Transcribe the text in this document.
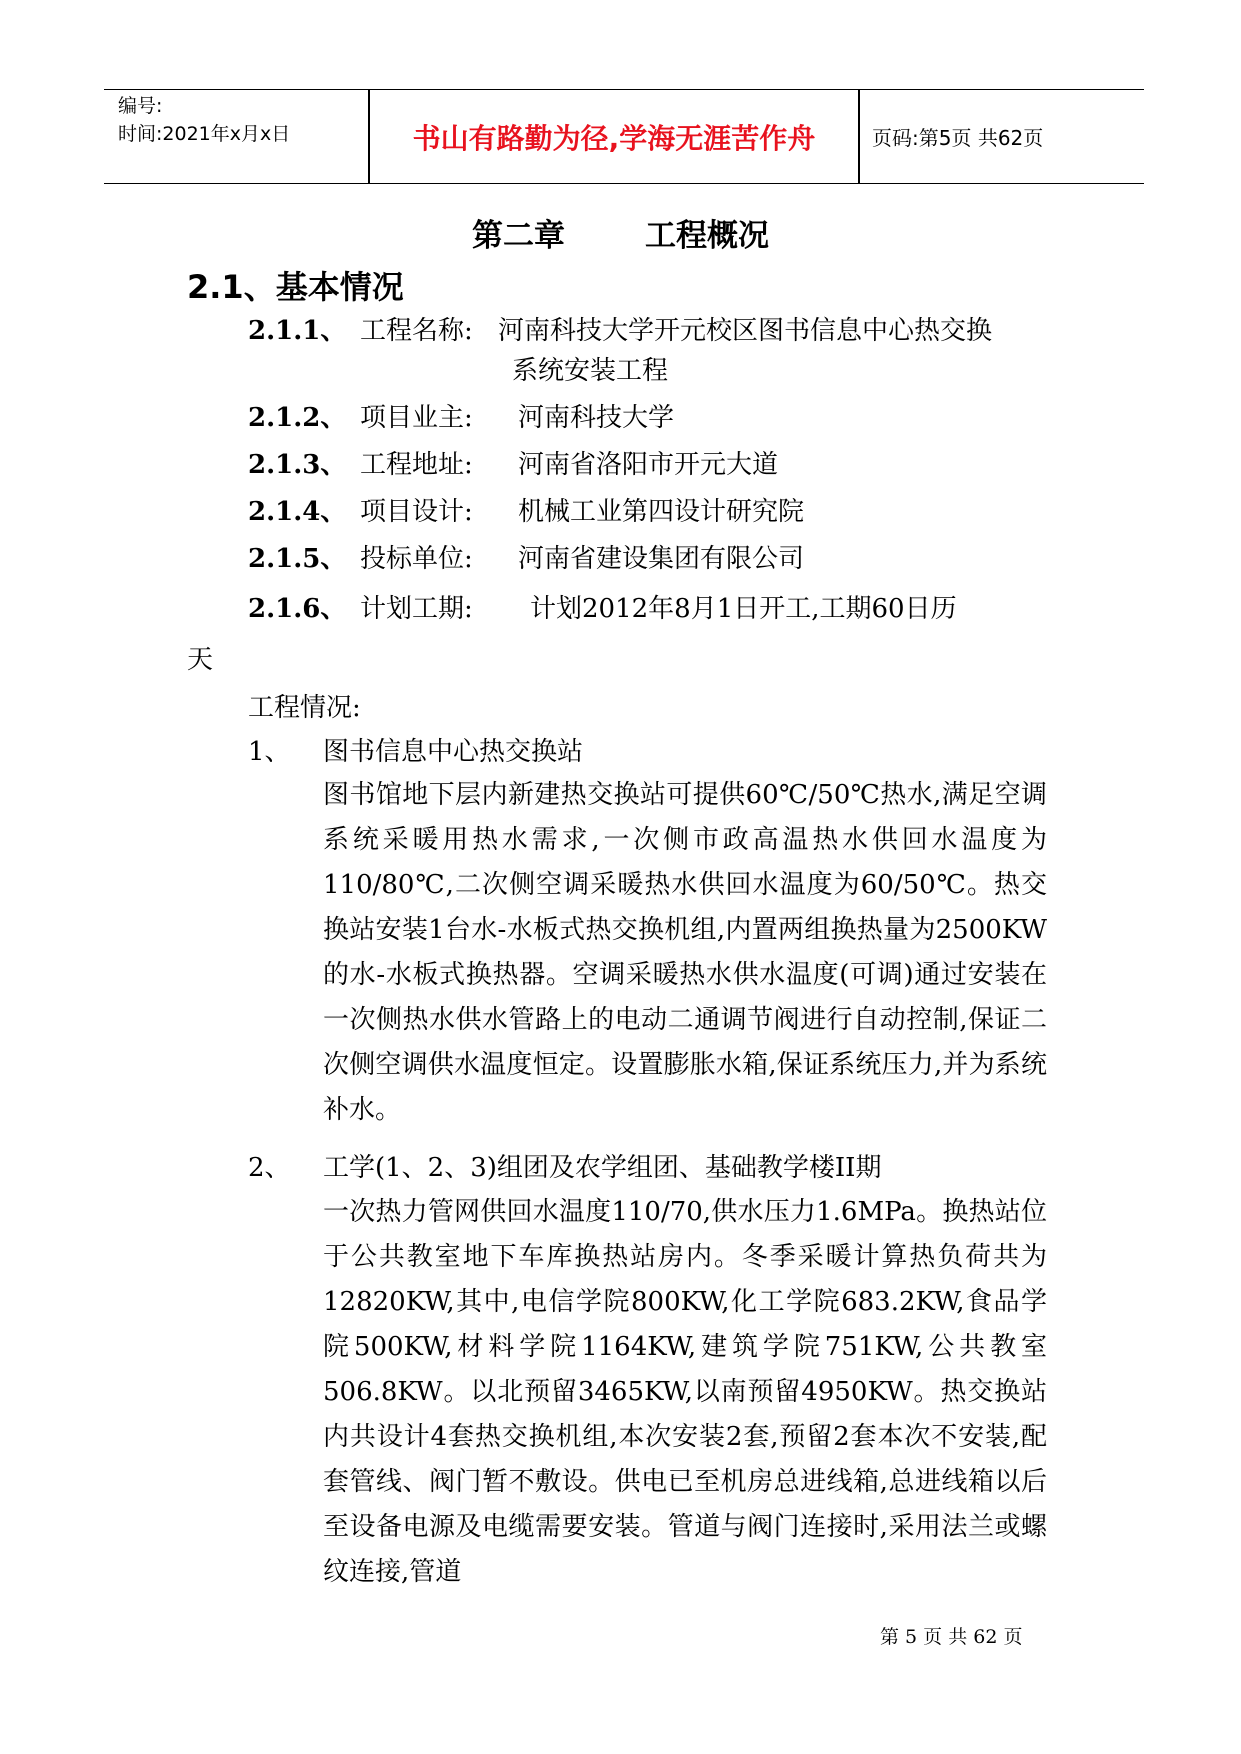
编号:
时间:2021年x月x日	书山有路勤为径,学海无涯苦作舟	页码:第5页 共62页
第二章	工程概况
2.1、基本情况
2.1.1、 工程名称: 河南科技大学开元校区图书信息中心热交换
系统安装工程
2.1.2、 项目业主: 河南科技大学
2.1.3、 工程地址: 河南省洛阳市开元大道
2.1.4、 项目设计: 机械工业第四设计研究院
2.1.5、 投标单位: 河南省建设集团有限公司
2.1.6、 计划工期: 计划2012年8月1日开工,工期60日历
天
工程情况:
1、 图书信息中心热交换站
图书馆地下层内新建热交换站可提供60℃/50℃热水,满足空调系统采暖用热水需求,一次侧市政高温热水供回水温度为110/80℃,二次侧空调采暖热水供回水温度为60/50℃。热交换站安装1台水-水板式热交换机组,内置两组换热量为2500KW的水-水板式换热器。空调采暖热水供水温度(可调)通过安装在一次侧热水供水管路上的电动二通调节阀进行自动控制,保证二次侧空调供水温度恒定。设置膨胀水箱,保证系统压力,并为系统补水。
2、 工学(1、2、3)组团及农学组团、基础教学楼II期
一次热力管网供回水温度110/70,供水压力1.6MPa。换热站位于公共教室地下车库换热站房内。冬季采暖计算热负荷共为12820KW,其中,电信学院800KW,化工学院683.2KW,食品学院500KW,材料学院1164KW,建筑学院751KW,公共教室506.8KW。以北预留3465KW,以南预留4950KW。热交换站内共设计4套热交换机组,本次安装2套,预留2套本次不安装,配套管线、阀门暂不敷设。供电已至机房总进线箱,总进线箱以后至设备电源及电缆需要安装。管道与阀门连接时,采用法兰或螺纹连接,管道
第 5 页 共 62 页
